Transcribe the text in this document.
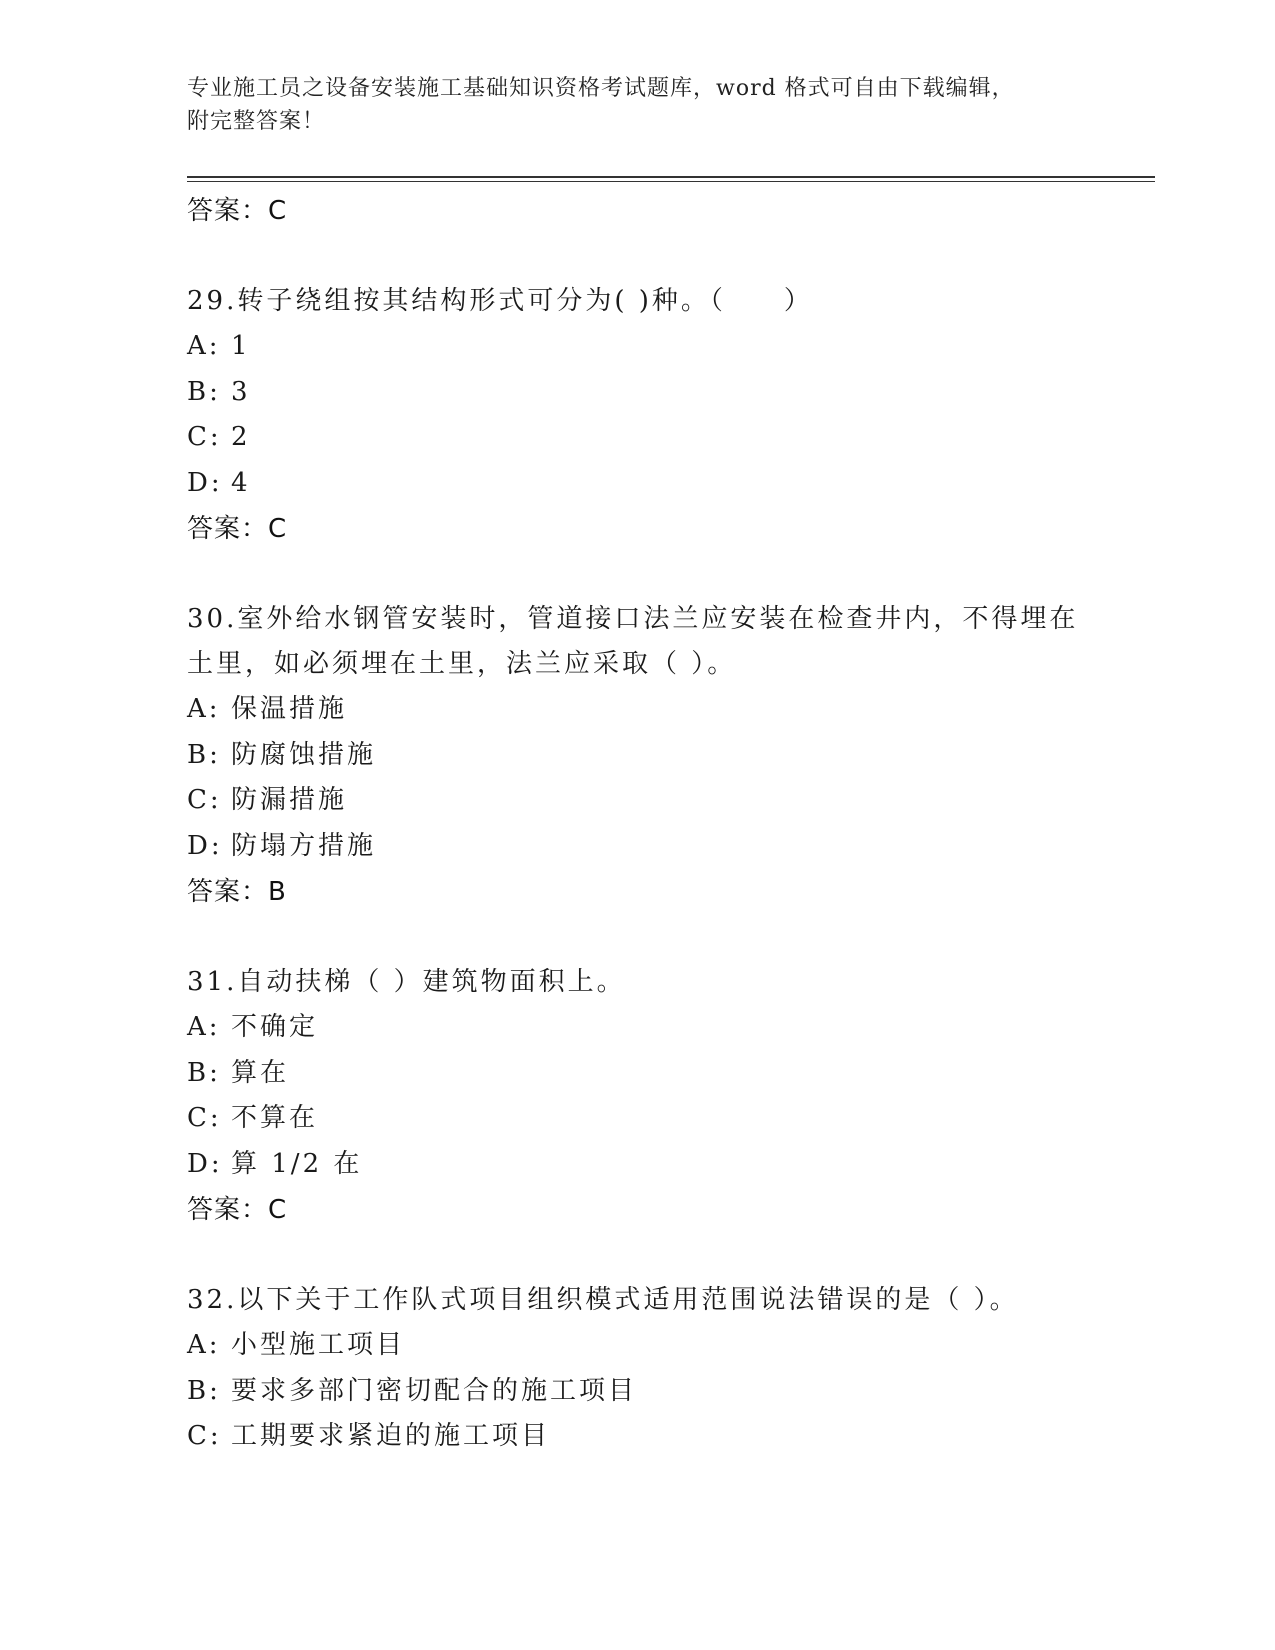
专业施工员之设备安装施工基础知识资格考试题库，word 格式可自由下载编辑，
附完整答案！
答案：C
29.转子绕组按其结构形式可分为( )种。（　　）
A: 1
B: 3
C: 2
D: 4
答案：C
30.室外给水钢管安装时，管道接口法兰应安装在检查井内，不得埋在
土里，如必须埋在土里，法兰应采取（ ）。
A: 保温措施
B: 防腐蚀措施
C: 防漏措施
D: 防塌方措施
答案：B
31.自动扶梯（ ）建筑物面积上。
A: 不确定
B: 算在
C: 不算在
D: 算 1/2 在
答案：C
32.以下关于工作队式项目组织模式适用范围说法错误的是（ ）。
A: 小型施工项目
B: 要求多部门密切配合的施工项目
C: 工期要求紧迫的施工项目
